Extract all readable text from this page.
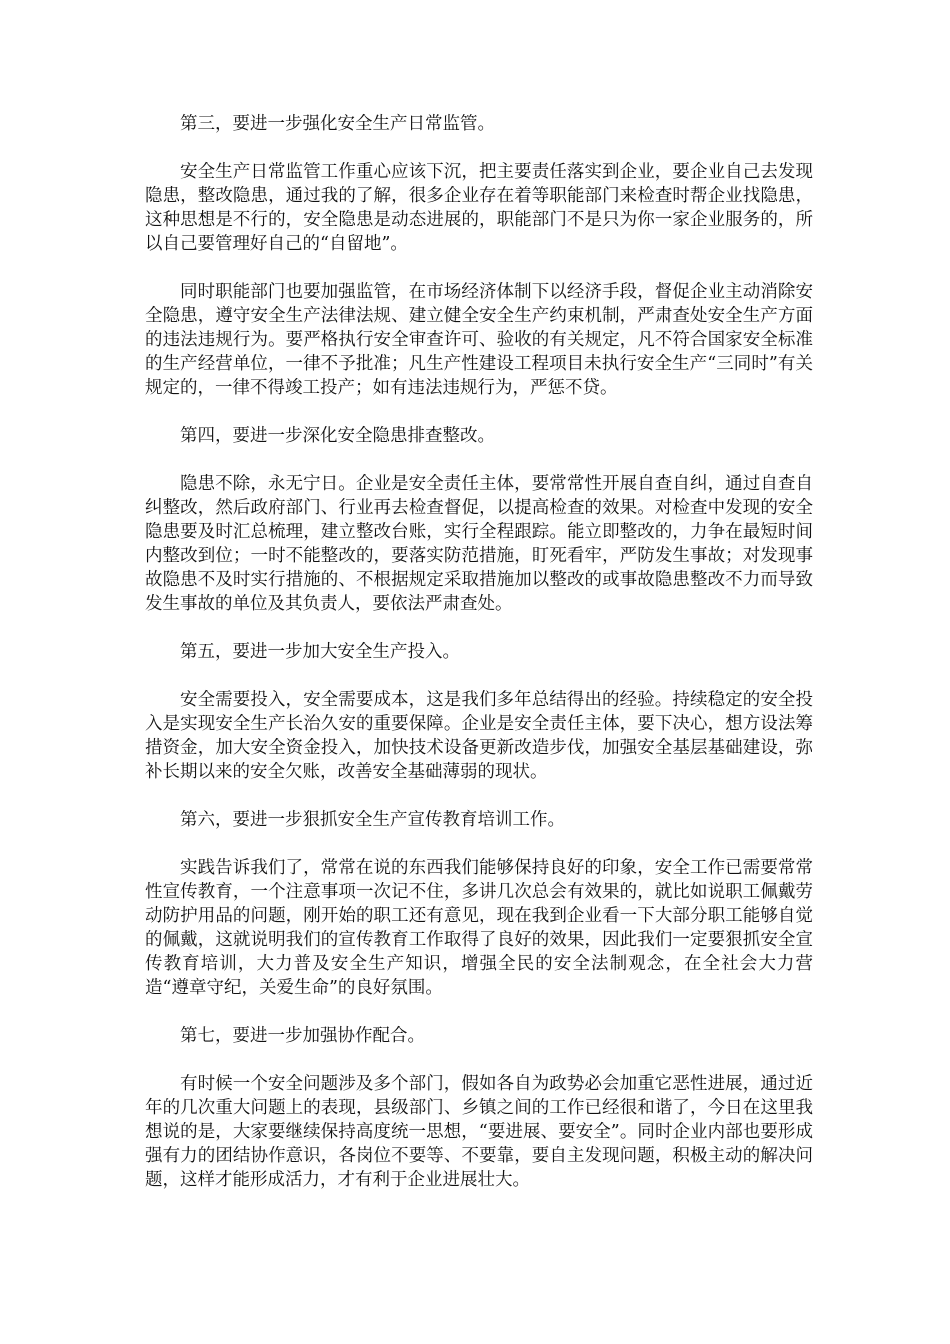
第三，要进一步强化安全生产日常监管。

安全生产日常监管工作重心应该下沉，把主要责任落实到企业，要企业自己去发现隐患，整改隐患，通过我的了解，很多企业存在着等职能部门来检查时帮企业找隐患，这种思想是不行的，安全隐患是动态进展的，职能部门不是只为你一家企业服务的，所以自己要管理好自己的“自留地”。

同时职能部门也要加强监管，在市场经济体制下以经济手段，督促企业主动消除安全隐患，遵守安全生产法律法规、建立健全安全生产约束机制，严肃查处安全生产方面的违法违规行为。要严格执行安全审查许可、验收的有关规定，凡不符合国家安全标准的生产经营单位，一律不予批准；凡生产性建设工程项目未执行安全生产“三同时”有关规定的，一律不得竣工投产；如有违法违规行为，严惩不贷。

第四，要进一步深化安全隐患排查整改。

隐患不除，永无宁日。企业是安全责任主体，要常常性开展自查自纠，通过自查自纠整改，然后政府部门、行业再去检查督促，以提高检查的效果。对检查中发现的安全隐患要及时汇总梳理，建立整改台账，实行全程跟踪。能立即整改的，力争在最短时间内整改到位；一时不能整改的，要落实防范措施，盯死看牢，严防发生事故；对发现事故隐患不及时实行措施的、不根据规定采取措施加以整改的或事故隐患整改不力而导致发生事故的单位及其负责人，要依法严肃查处。

第五，要进一步加大安全生产投入。

安全需要投入，安全需要成本，这是我们多年总结得出的经验。持续稳定的安全投入是实现安全生产长治久安的重要保障。企业是安全责任主体，要下决心，想方设法筹措资金，加大安全资金投入，加快技术设备更新改造步伐，加强安全基层基础建设，弥补长期以来的安全欠账，改善安全基础薄弱的现状。

第六，要进一步狠抓安全生产宣传教育培训工作。

实践告诉我们了，常常在说的东西我们能够保持良好的印象，安全工作已需要常常性宣传教育，一个注意事项一次记不住，多讲几次总会有效果的，就比如说职工佩戴劳动防护用品的问题，刚开始的职工还有意见，现在我到企业看一下大部分职工能够自觉的佩戴，这就说明我们的宣传教育工作取得了良好的效果，因此我们一定要狠抓安全宣传教育培训，大力普及安全生产知识，增强全民的安全法制观念，在全社会大力营造“遵章守纪，关爱生命”的良好氛围。

第七，要进一步加强协作配合。

有时候一个安全问题涉及多个部门，假如各自为政势必会加重它恶性进展，通过近年的几次重大问题上的表现，县级部门、乡镇之间的工作已经很和谐了，今日在这里我想说的是，大家要继续保持高度统一思想，“要进展、要安全”。同时企业内部也要形成强有力的团结协作意识，各岗位不要等、不要靠，要自主发现问题，积极主动的解决问题，这样才能形成活力，才有利于企业进展壮大。
